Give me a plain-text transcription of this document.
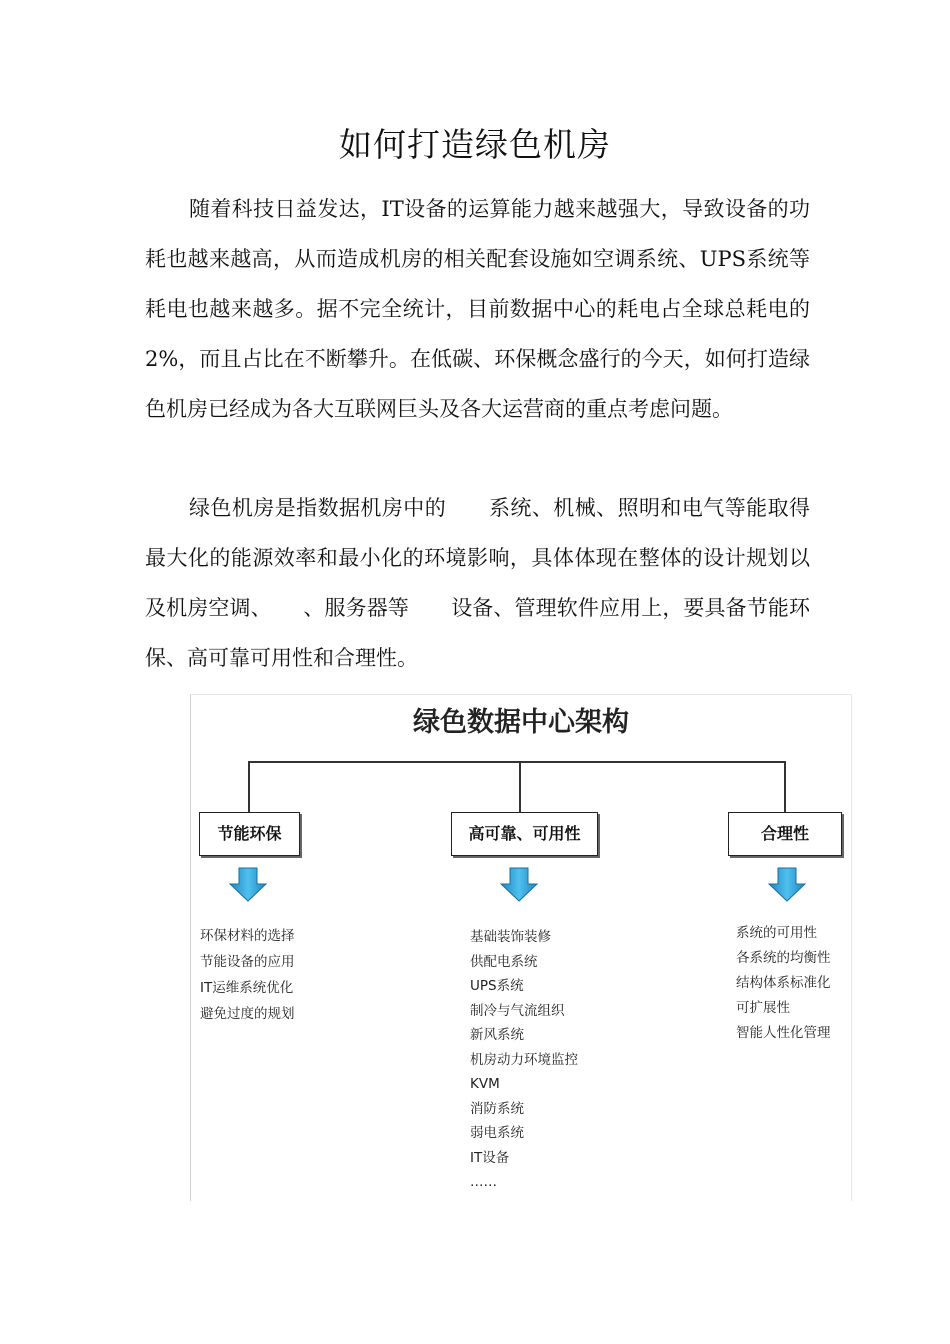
如何打造绿色机房

随着科技日益发达，IT设备的运算能力越来越强大，导致设备的功耗也越来越高，从而造成机房的相关配套设施如空调系统、UPS系统等耗电也越来越多。据不完全统计，目前数据中心的耗电占全球总耗电的 2%，而且占比在不断攀升。在低碳、环保概念盛行的今天，如何打造绿色机房已经成为各大互联网巨头及各大运营商的重点考虑问题。

绿色机房是指数据机房中的　　系统、机械、照明和电气等能取得最大化的能源效率和最小化的环境影响，具体体现在整体的设计规划以及机房空调、　　、服务器等　　设备、管理软件应用上，要具备节能环保、高可靠可用性和合理性。

绿色数据中心架构
节能环保	高可靠、可用性	合理性
环保材料的选择
节能设备的应用
IT运维系统优化
避免过度的规划
基础装饰装修
供配电系统
UPS系统
制冷与气流组织
新风系统
机房动力环境监控
KVM
消防系统
弱电系统
IT设备
……
系统的可用性
各系统的均衡性
结构体系标准化
可扩展性
智能人性化管理
